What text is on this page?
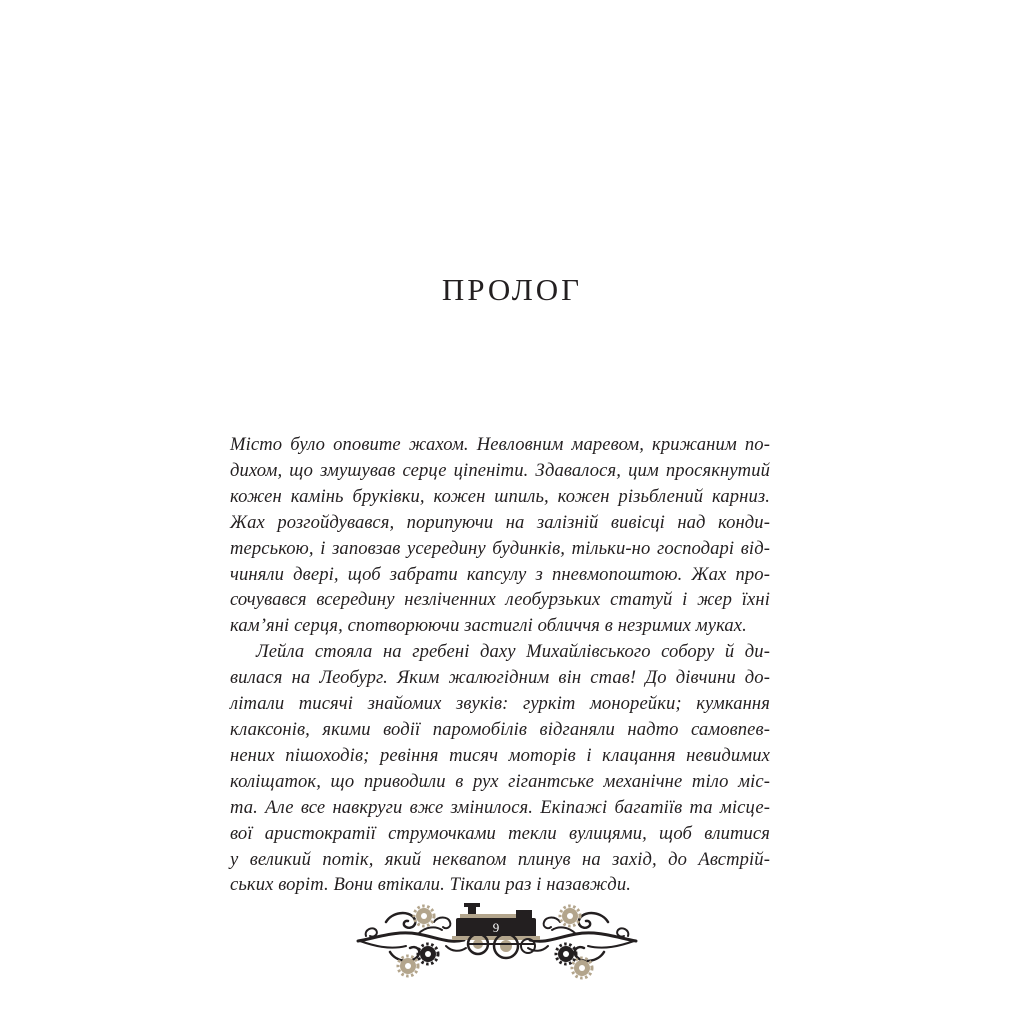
ПРОЛОГ

Місто було оповите жахом. Невловним маревом, крижаним по-
дихом, що змушував серце ціпеніти. Здавалося, цим просякнутий
кожен камінь бруківки, кожен шпиль, кожен різьблений карниз.
Жах розгойдувався, порипуючи на залізній вивісці над конди-
терською, і заповзав усередину будинків, тільки-но господарі від-
чиняли двері, щоб забрати капсулу з пневмопоштою. Жах про-
сочувався всередину незліченних леобурзьких статуй і жер їхні
кам’яні серця, спотворюючи застиглі обличчя в незримих муках.

Лейла стояла на гребені даху Михайлівського собору й ди-
вилася на Леобург. Яким жалюгідним він став! До дівчини до-
літали тисячі знайомих звуків: гуркіт монорейки; кумкання
клаксонів, якими водії паромобілів відганяли надто самовпев-
нених пішоходів; ревіння тисяч моторів і клацання невидимих
коліщаток, що приводили в рух гігантське механічне тіло міс-
та. Але все навкруги вже змінилося. Екіпажі багатіїв та місце-
вої аристократії струмочками текли вулицями, щоб влитися
у великий потік, який неквапом плинув на захід, до Австрій-
ських воріт. Вони втікали. Тікали раз і назавжди.

9
